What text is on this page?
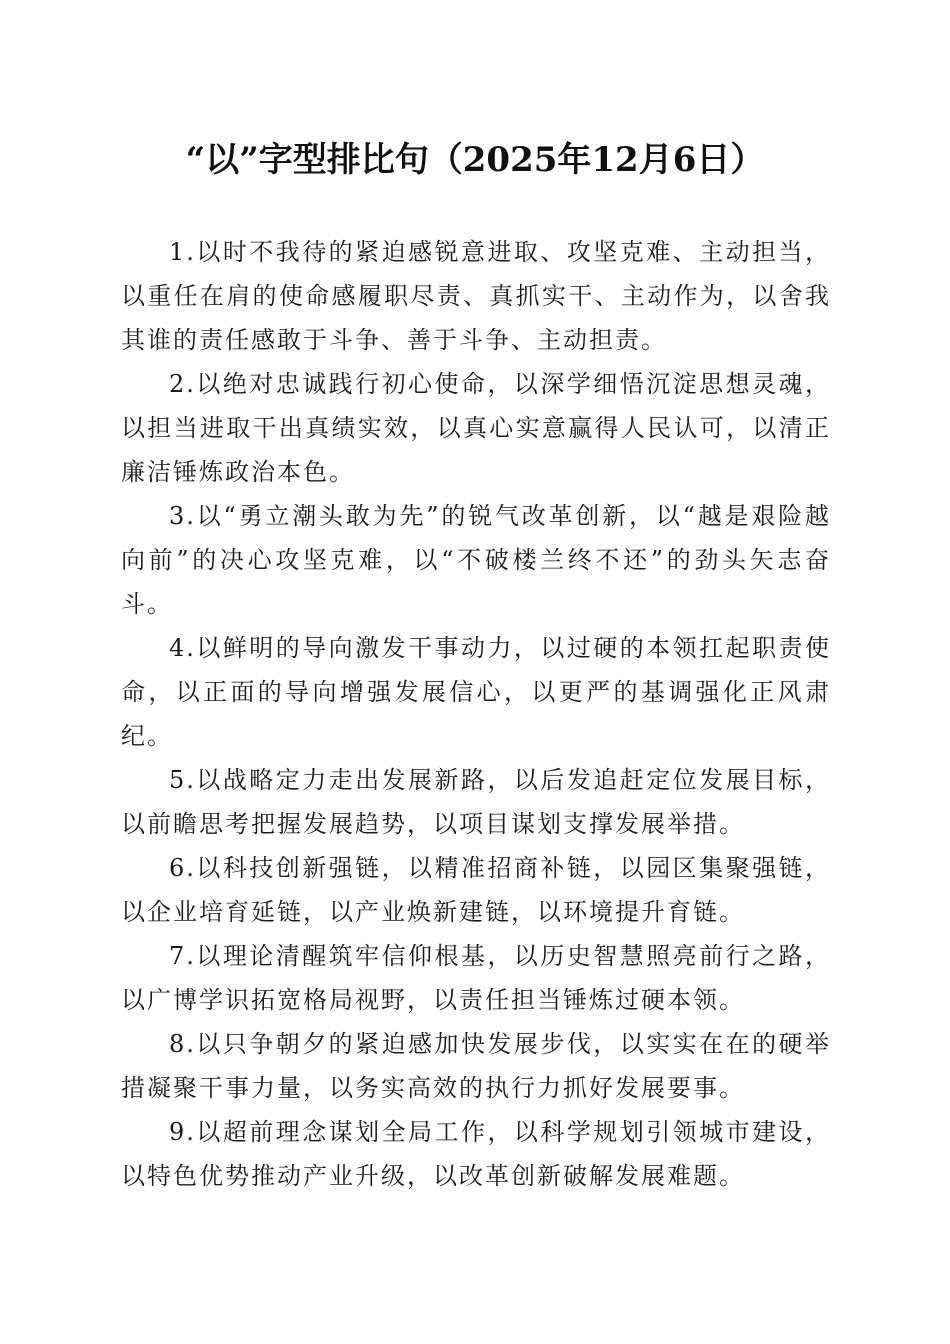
“以”字型排比句（2025年12月6日）

1.以时不我待的紧迫感锐意进取、攻坚克难、主动担当，以重任在肩的使命感履职尽责、真抓实干、主动作为，以舍我其谁的责任感敢于斗争、善于斗争、主动担责。

2.以绝对忠诚践行初心使命，以深学细悟沉淀思想灵魂，以担当进取干出真绩实效，以真心实意赢得人民认可，以清正廉洁锤炼政治本色。

3.以“勇立潮头敢为先”的锐气改革创新，以“越是艰险越向前”的决心攻坚克难，以“不破楼兰终不还”的劲头矢志奋斗。

4.以鲜明的导向激发干事动力，以过硬的本领扛起职责使命，以正面的导向增强发展信心，以更严的基调强化正风肃纪。

5.以战略定力走出发展新路，以后发追赶定位发展目标，以前瞻思考把握发展趋势，以项目谋划支撑发展举措。

6.以科技创新强链，以精准招商补链，以园区集聚强链，以企业培育延链，以产业焕新建链，以环境提升育链。

7.以理论清醒筑牢信仰根基，以历史智慧照亮前行之路，以广博学识拓宽格局视野，以责任担当锤炼过硬本领。

8.以只争朝夕的紧迫感加快发展步伐，以实实在在的硬举措凝聚干事力量，以务实高效的执行力抓好发展要事。

9.以超前理念谋划全局工作，以科学规划引领城市建设，以特色优势推动产业升级，以改革创新破解发展难题。
